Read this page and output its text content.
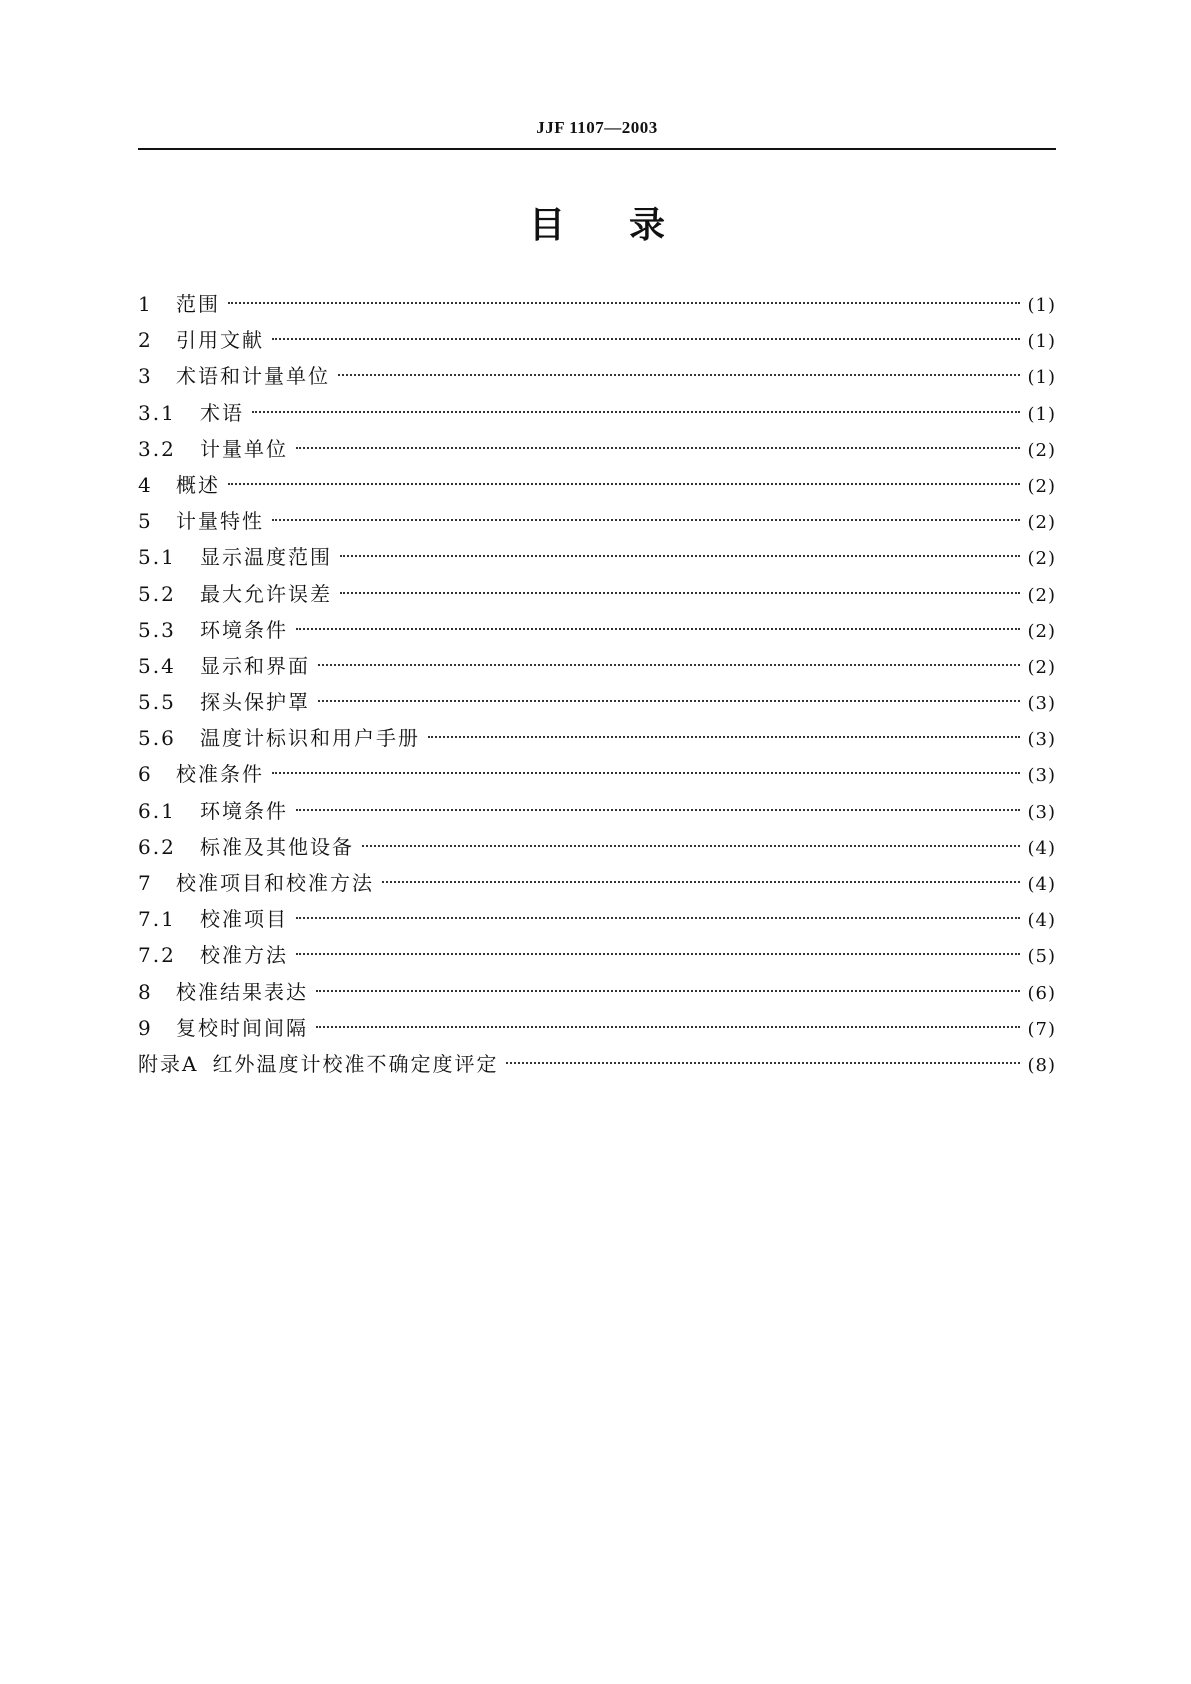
JJF 1107—2003
目录
1	范围	(1)
2	引用文献	(1)
3	术语和计量单位	(1)
3.1	术语	(1)
3.2	计量单位	(2)
4	概述	(2)
5	计量特性	(2)
5.1	显示温度范围	(2)
5.2	最大允许误差	(2)
5.3	环境条件	(2)
5.4	显示和界面	(2)
5.5	探头保护罩	(3)
5.6	温度计标识和用户手册	(3)
6	校准条件	(3)
6.1	环境条件	(3)
6.2	标准及其他设备	(4)
7	校准项目和校准方法	(4)
7.1	校准项目	(4)
7.2	校准方法	(5)
8	校准结果表达	(6)
9	复校时间间隔	(7)
附录A 红外温度计校准不确定度评定	(8)
